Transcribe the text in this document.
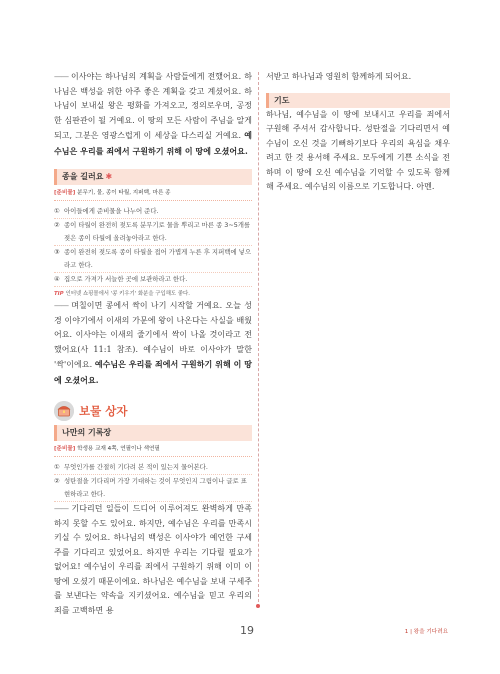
—— 이사야는 하나님의 계획을 사람들에게 전했어요. 하나님은 백성을 위한 아주 좋은 계획을 갖고 계셨어요. 하나님이 보내실 왕은 평화를 가져오고, 정의로우며, 공정한 심판관이 될 거예요. 이 땅의 모든 사람이 주님을 알게 되고, 그분은 영광스럽게 이 세상을 다스리실 거예요. 예수님은 우리를 죄에서 구원하기 위해 이 땅에 오셨어요.

종을 길러요 ✱
[준비물] 분무기, 물, 종이 타월, 지퍼백, 마른 종
① 아이들에게 준비물을 나누어 준다.
② 종이 타월이 완전히 젖도록 분무기로 물을 뿌리고 마른 종 3~5개를 젖은 종이 타월에 올려놓아라고 한다.
③ 종이 완전히 젖도록 종이 타월을 접어 가볍게 누른 후 지퍼백에 넣으라고 한다.
④ 집으로 가져가 서늘한 곳에 보관하라고 한다.
TIP 인터넷 쇼핑몰에서 '콩 키우기' 화분을 구입해도 좋다.

—— 며칠이면 콩에서 싹이 나기 시작할 거예요. 오늘 성경 이야기에서 이새의 가문에 왕이 나온다는 사실을 배웠어요. 이사야는 이새의 줄기에서 싹이 나올 것이라고 전했어요(사 11:1 참조). 예수님이 바로 이사야가 말한 '싹'이에요. 예수님은 우리를 죄에서 구원하기 위해 이 땅에 오셨어요.

보물 상자
나만의 기록장
[준비물] 학생용 교재 4쪽, 연필이나 색연필
① 무엇인가를 간절히 기다려 본 적이 있는지 물어본다.
② 성탄절을 기다리며 가장 기대하는 것이 무엇인지 그림이나 글로 표현하라고 한다.

—— 기다리던 일들이 드디어 이루어져도 완벽하게 만족하지 못할 수도 있어요. 하지만, 예수님은 우리를 만족시키실 수 있어요. 하나님의 백성은 이사야가 예언한 구세주를 기다리고 있었어요. 하지만 우리는 기다릴 필요가 없어요! 예수님이 우리를 죄에서 구원하기 위해 이미 이 땅에 오셨기 때문이에요. 하나님은 예수님을 보내 구세주를 보낸다는 약속을 지키셨어요. 예수님을 믿고 우리의 죄를 고백하면 용

서받고 하나님과 영원히 함께하게 되어요.

기도

하나님, 예수님을 이 땅에 보내시고 우리를 죄에서 구원해 주셔서 감사합니다. 성탄절을 기다리면서 예수님이 오신 것을 기뻐하기보다 우리의 욕심을 채우려고 한 것 용서해 주세요. 모두에게 기쁜 소식을 전하며 이 땅에 오신 예수님을 기억할 수 있도록 함께해 주세요. 예수님의 이름으로 기도합니다. 아멘.

19	1 | 왕을 기다려요
